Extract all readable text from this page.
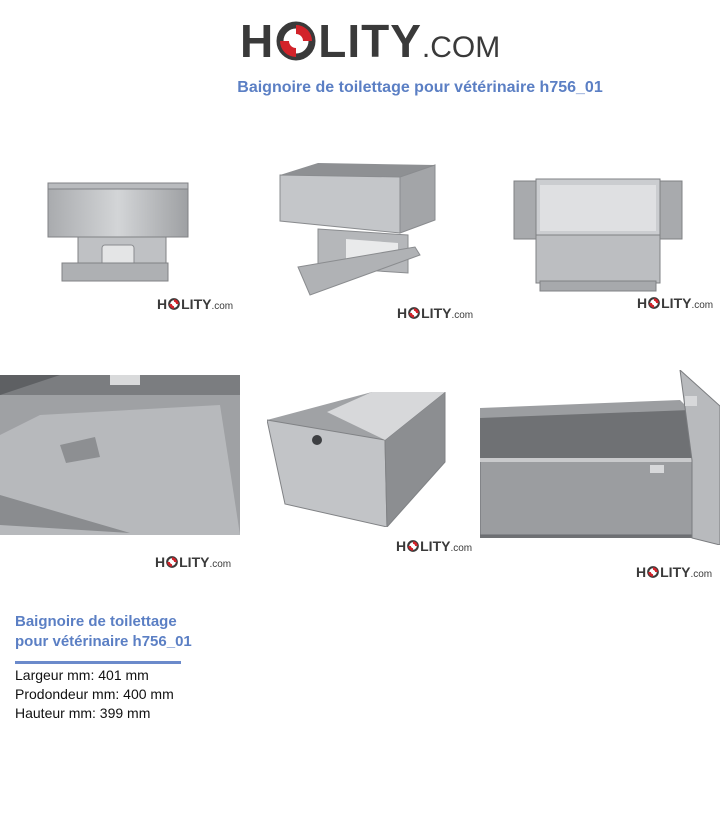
H LITY .COM
Baignoire de toilettage pour vétérinaire h756_01
H LITY .com	H LITY .com
H LITY .com
H LITY .com
H LITY .com
H LITY .com
Baignoire de toilettage
pour vétérinaire h756_01
Largeur mm: 401 mm
Prodondeur mm: 400 mm
Hauteur mm: 399 mm
